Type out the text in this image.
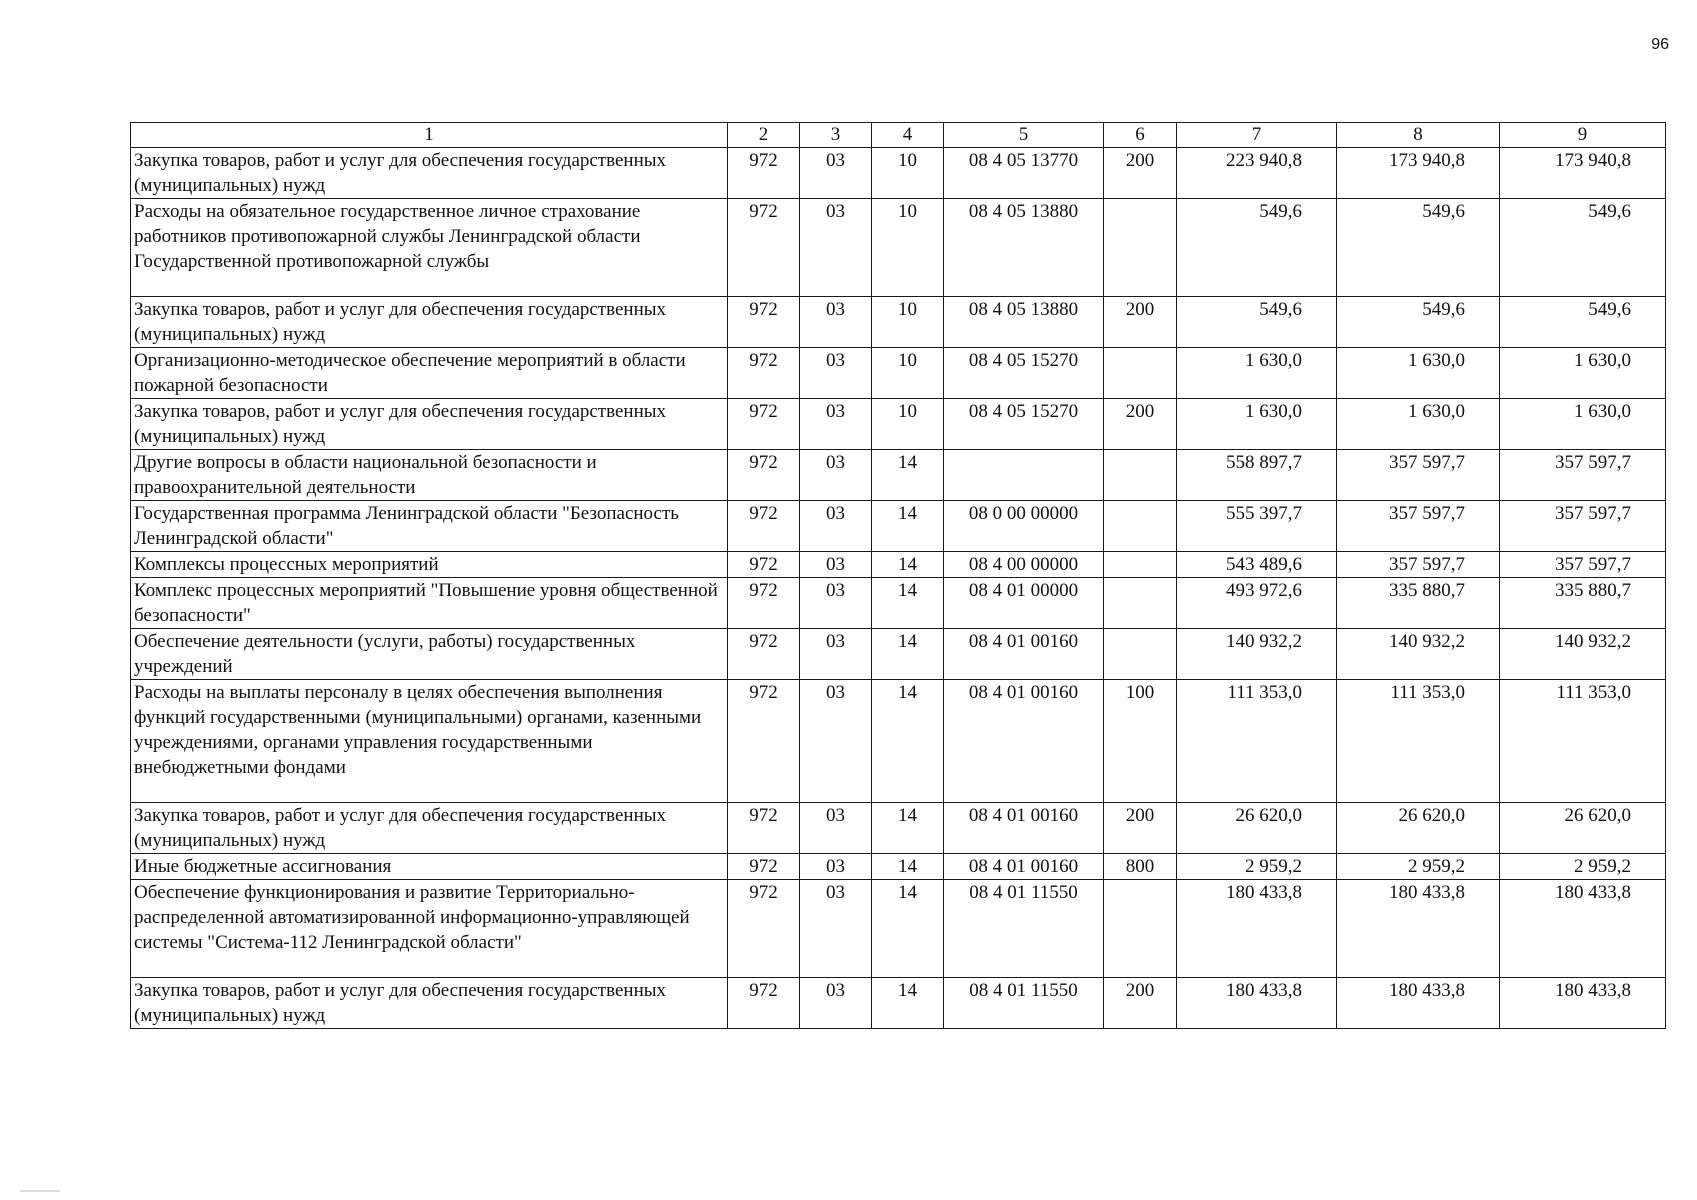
96
1	2	3	4	5	6	7	8	9
Закупка товаров, работ и услуг для обеспечения государственных (муниципальных) нужд	972	03	10	08 4 05 13770	200	223 940,8	173 940,8	173 940,8
Расходы на обязательное государственное личное страхование работников противопожарной службы Ленинградской области Государственной противопожарной службы	972	03	10	08 4 05 13880		549,6	549,6	549,6
Закупка товаров, работ и услуг для обеспечения государственных (муниципальных) нужд	972	03	10	08 4 05 13880	200	549,6	549,6	549,6
Организационно-методическое обеспечение мероприятий в области пожарной безопасности	972	03	10	08 4 05 15270		1 630,0	1 630,0	1 630,0
Закупка товаров, работ и услуг для обеспечения государственных (муниципальных) нужд	972	03	10	08 4 05 15270	200	1 630,0	1 630,0	1 630,0
Другие вопросы в области национальной безопасности и правоохранительной деятельности	972	03	14			558 897,7	357 597,7	357 597,7
Государственная программа Ленинградской области "Безопасность Ленинградской области"	972	03	14	08 0 00 00000		555 397,7	357 597,7	357 597,7
Комплексы процессных мероприятий	972	03	14	08 4 00 00000		543 489,6	357 597,7	357 597,7
Комплекс процессных мероприятий "Повышение уровня общественной безопасности"	972	03	14	08 4 01 00000		493 972,6	335 880,7	335 880,7
Обеспечение деятельности (услуги, работы) государственных учреждений	972	03	14	08 4 01 00160		140 932,2	140 932,2	140 932,2
Расходы на выплаты персоналу в целях обеспечения выполнения функций государственными (муниципальными) органами, казенными учреждениями, органами управления государственными внебюджетными фондами	972	03	14	08 4 01 00160	100	111 353,0	111 353,0	111 353,0
Закупка товаров, работ и услуг для обеспечения государственных (муниципальных) нужд	972	03	14	08 4 01 00160	200	26 620,0	26 620,0	26 620,0
Иные бюджетные ассигнования	972	03	14	08 4 01 00160	800	2 959,2	2 959,2	2 959,2
Обеспечение функционирования и развитие Территориально-распределенной автоматизированной информационно-управляющей системы "Система-112 Ленинградской области"	972	03	14	08 4 01 11550		180 433,8	180 433,8	180 433,8
Закупка товаров, работ и услуг для обеспечения государственных (муниципальных) нужд	972	03	14	08 4 01 11550	200	180 433,8	180 433,8	180 433,8
